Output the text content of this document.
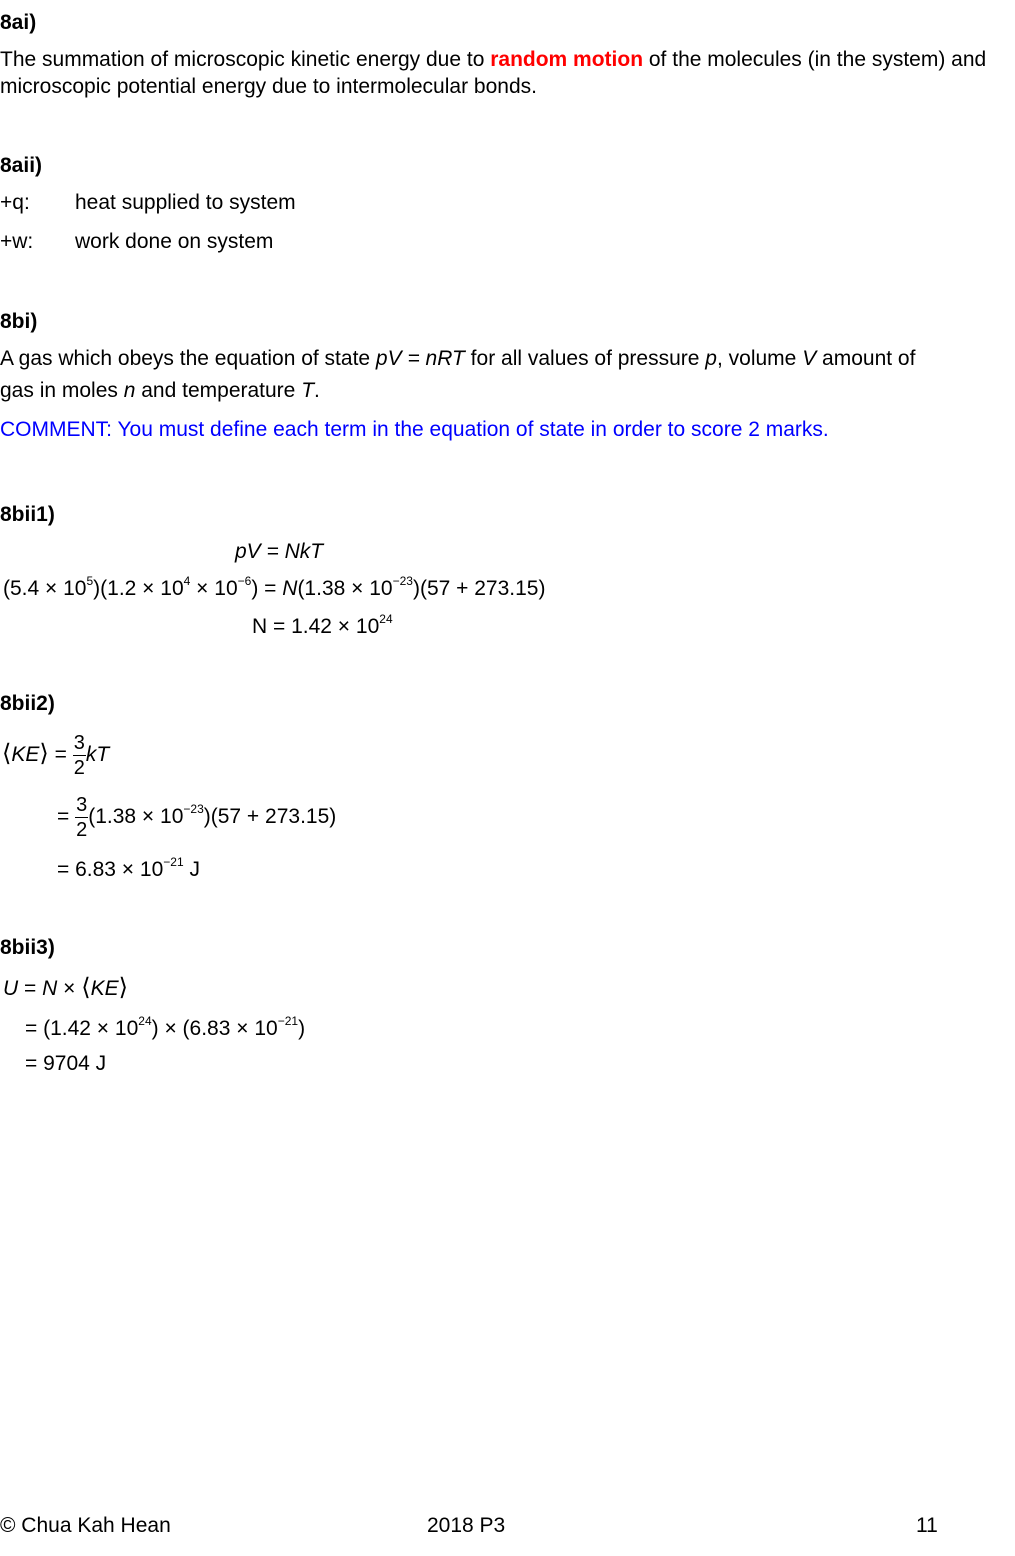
8ai)
The summation of microscopic kinetic energy due to random motion of the molecules (in the system) and microscopic potential energy due to intermolecular bonds.
8aii)
+q: heat supplied to system
+w: work done on system
8bi)
A gas which obeys the equation of state pV = nRT for all values of pressure p, volume V amount of
gas in moles n and temperature T.
COMMENT: You must define each term in the equation of state in order to score 2 marks.
8bii1)
pV = NkT
$(5.4 \times 10^5)(1.2 \times 10^4 \times 10^{-6}) = N(1.38 \times 10^{-23})(57 + 273.15)$
$N = 1.42 \times 10^{24}$
8bii2)
⟨KE⟩ = $\frac{3}{2}$ kT
= $\frac{3}{2} (1.38 \times 10^{-23})(57 + 273.15)$
= $6.83 \times 10^{-21}$ J
8bii3)
U = N × ⟨KE⟩
= $(1.42 \times 10^{24}) \times (6.83 \times 10^{-21})$
= 9704 J
© Chua Kah Hean	2018 P3	11
